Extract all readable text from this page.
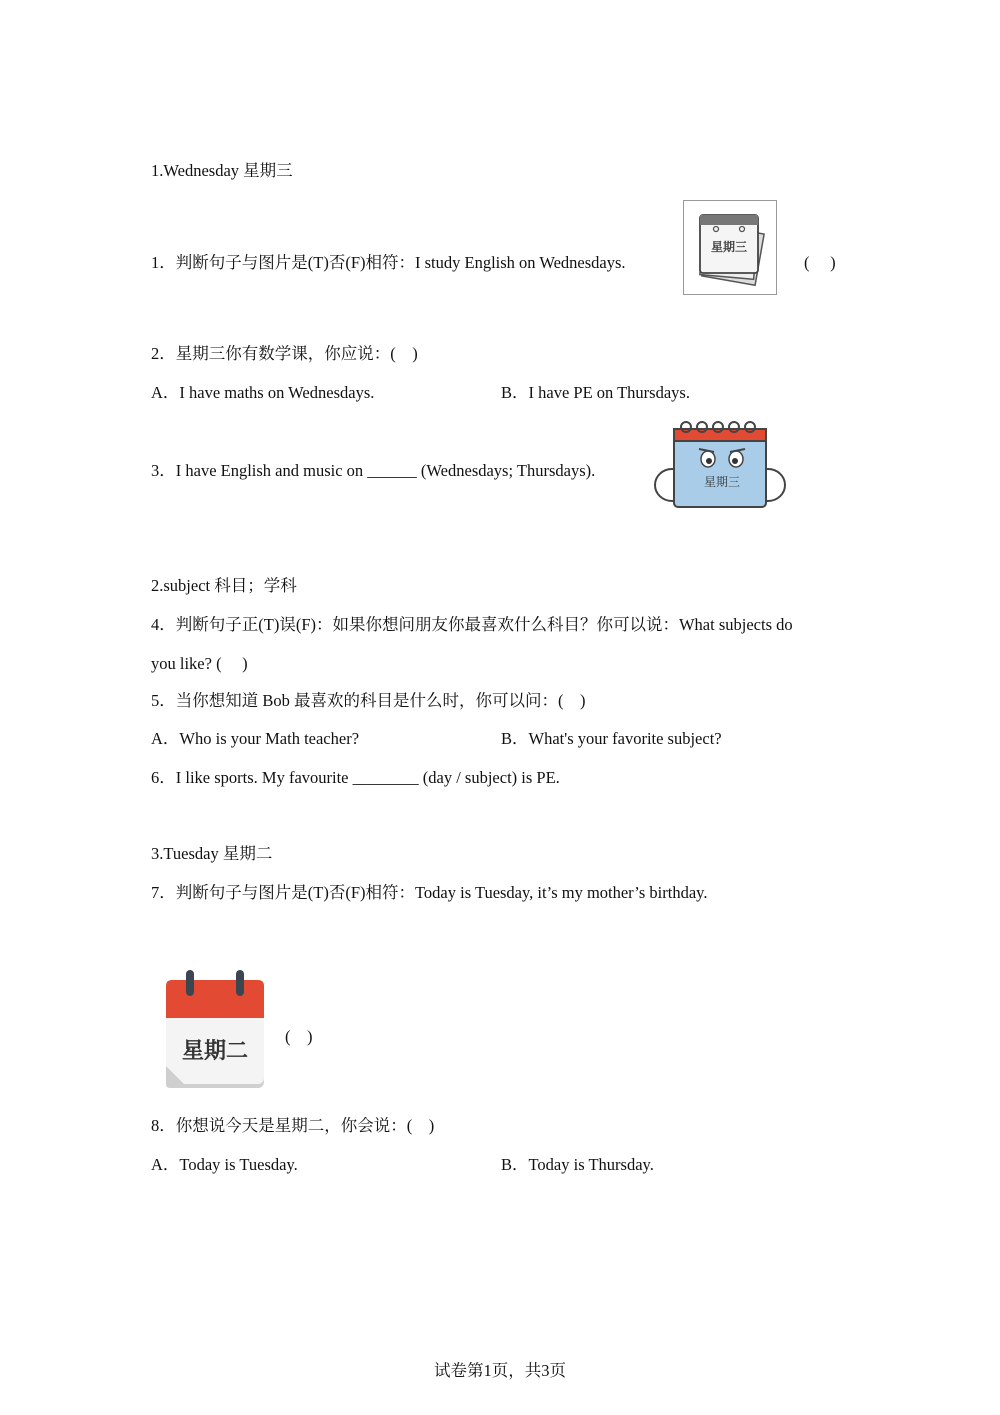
1.Wednesday 星期三
1．判断句子与图片是(T)否(F)相符：I study English on Wednesdays.
星期三
(　 )
2．星期三你有数学课，你应说：(　)
A．I have maths on Wednesdays.	B．I have PE on Thursdays.
3．I have English and music on ______ (Wednesdays; Thursdays).
星期三
2.subject 科目；学科
4．判断句子正(T)误(F)：如果你想问朋友你最喜欢什么科目？你可以说：What subjects do
you like? (　 )
5．当你想知道 Bob 最喜欢的科目是什么时，你可以问：(　)
A．Who is your Math teacher?	B．What's your favorite subject?
6．I like sports. My favourite ________ (day / subject) is PE.
3.Tuesday 星期二
7．判断句子与图片是(T)否(F)相符：Today is Tuesday, it’s my mother’s birthday.
星期二
(　)
8．你想说今天是星期二，你会说：(　)
A．Today is Tuesday.	B．Today is Thursday.
试卷第1页，共3页
